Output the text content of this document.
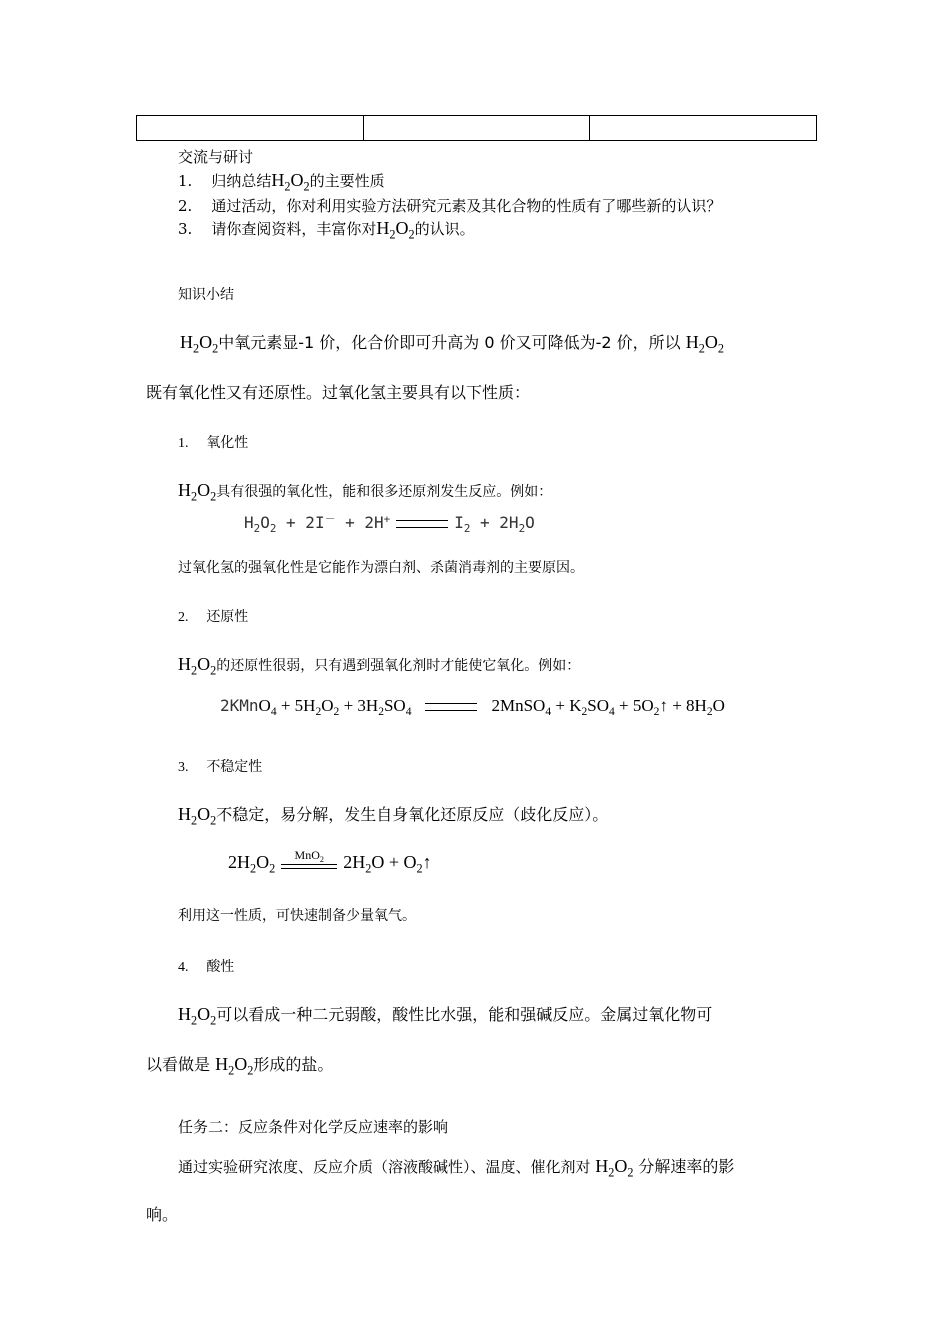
交流与研讨
1. 归纳总结$H_2O_2$的主要性质
2. 通过活动，你对利用实验方法研究元素及其化合物的性质有了哪些新的认识？
3. 请你查阅资料，丰富你对$H_2O_2$的认识。
知识小结
$H_2O_2$中氧元素显-1 价，化合价即可升高为 0 价又可降低为-2 价，所以 $H_2O_2$
既有氧化性又有还原性。过氧化氢主要具有以下性质：
1. 氧化性
$H_2O_2$具有很强的氧化性，能和很多还原剂发生反应。例如：
$H_2O_2 + 2I^- + 2H^+$	$I_2 + 2H_2O$
过氧化氢的强氧化性是它能作为漂白剂、杀菌消毒剂的主要原因。
2. 还原性
$H_2O_2$的还原性很弱，只有遇到强氧化剂时才能使它氧化。例如：
2KMnO$_4$ + $5H_2O_2 + 3H_2SO_4$	2MnSO$_4$ + $K_2SO_4$ + $5O_2↑ + 8H_2O$
3. 不稳定性
$H_2O_2$不稳定，易分解，发生自身氧化还原反应（歧化反应）。
$2H_2O_2$
MnO$_2$	$2H_2O$ + $O_2↑$
利用这一性质，可快速制备少量氧气。
4. 酸性
$H_2O_2$可以看成一种二元弱酸，酸性比水强，能和强碱反应。金属过氧化物可
以看做是 $H_2O_2$形成的盐。
任务二：反应条件对化学反应速率的影响
通过实验研究浓度、反应介质（溶液酸碱性）、温度、催化剂对 $H_2O_2$ 分解速率的影
响。
